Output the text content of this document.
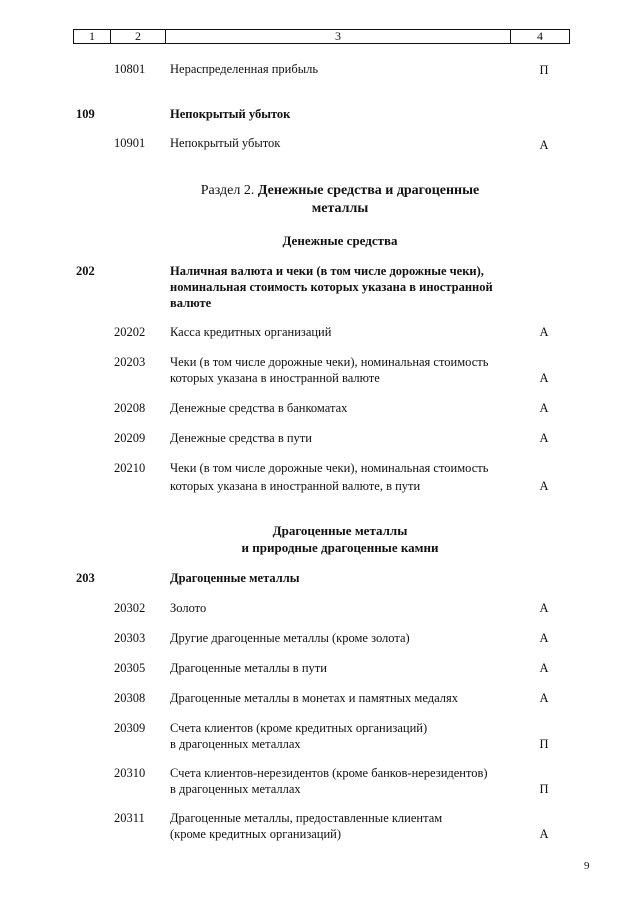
1	2	3	4
10801 Нераспределенная прибыль	П
109	Непокрытый убыток
10901 Непокрытый убыток	А
Раздел 2. Денежные средства и драгоценные
металлы
Денежные средства
202	Наличная валюта и чеки (в том числе дорожные чеки),
номинальная стоимость которых указана в иностранной
валюте
20202 Касса кредитных организаций	А
20203 Чеки (в том числе дорожные чеки), номинальная стоимость
которых указана в иностранной валюте	А
20208 Денежные средства в банкоматах	А
20209 Денежные средства в пути	А
20210 Чеки (в том числе дорожные чеки), номинальная стоимость
которых указана в иностранной валюте, в пути	А
Драгоценные металлы
и природные драгоценные камни
203	Драгоценные металлы
20302 Золото	А
20303 Другие драгоценные металлы (кроме золота)	А
20305 Драгоценные металлы в пути	А
20308 Драгоценные металлы в монетах и памятных медалях	А
20309 Счета клиентов (кроме кредитных организаций)
в драгоценных металлах	П
20310 Счета клиентов-нерезидентов (кроме банков-нерезидентов)
в драгоценных металлах	П
20311 Драгоценные металлы, предоставленные клиентам
(кроме кредитных организаций)	А
9
